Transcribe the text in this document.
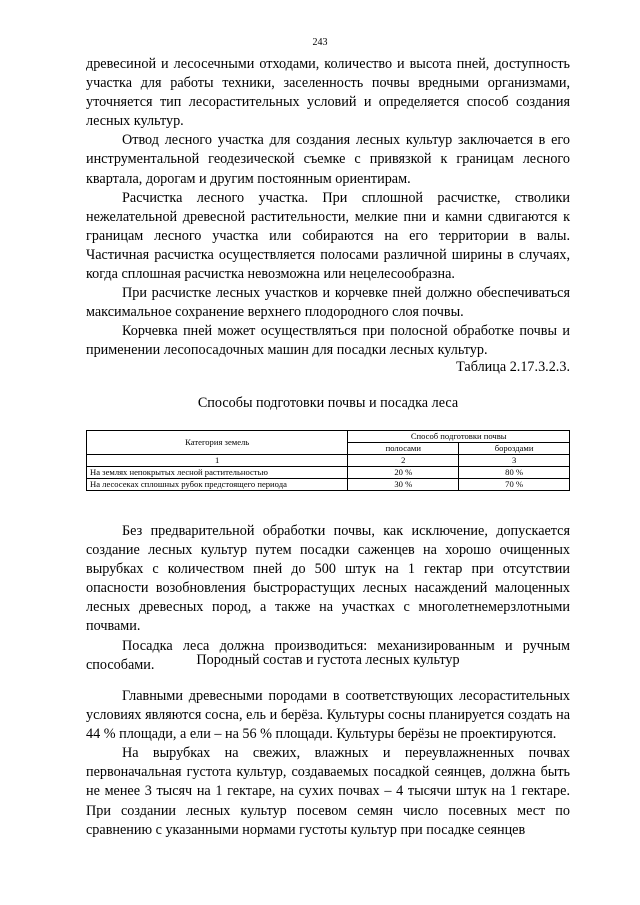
243

древесиной и лесосечными отходами, количество и высота пней, доступность участка для работы техники, заселенность почвы вредными организмами, уточняется тип лесорастительных условий и определяется способ создания лесных культур.

Отвод лесного участка для создания лесных культур заключается в его инструментальной геодезической съемке с привязкой к границам лесного квартала, дорогам и другим постоянным ориентирам.

Расчистка лесного участка. При сплошной расчистке, стволики нежелательной древесной растительности, мелкие пни и камни сдвигаются к границам лесного участка или собираются на его территории в валы. Частичная расчистка осуществляется полосами различной ширины в случаях, когда сплошная расчистка невозможна или нецелесообразна.

При расчистке лесных участков и корчевке пней должно обеспечиваться максимальное сохранение верхнего плодородного слоя почвы.

Корчевка пней может осуществляться при полосной обработке почвы и применении лесопосадочных машин для посадки лесных культур.

Таблица 2.17.3.2.3.
Способы подготовки почвы и посадка леса
Категория земель	Способ подготовки почвы	
	полосами	бороздами
1	2	3
На землях непокрытых лесной растительностью	20 %	80 %
На лесосеках сплошных рубок предстоящего периода	30 %	70 %

Без предварительной обработки почвы, как исключение, допускается создание лесных культур путем посадки саженцев на хорошо очищенных вырубках с количеством пней до 500 штук на 1 гектар при отсутствии опасности возобновления быстрорастущих лесных насаждений малоценных лесных древесных пород, а также на участках с многолетнемерзлотными почвами.

Посадка леса должна производиться: механизированным и ручным способами.	Породный состав и густота лесных культур

Главными древесными породами в соответствующих лесорастительных условиях являются сосна, ель и берёза. Культуры сосны планируется создать на 44 % площади, а ели – на 56 % площади. Культуры берёзы не проектируются.

На вырубках на свежих, влажных и переувлажненных почвах первоначальная густота культур, создаваемых посадкой сеянцев, должна быть не менее 3 тысяч на 1 гектаре, на сухих почвах – 4 тысячи штук на 1 гектаре. При создании лесных культур посевом семян число посевных мест по сравнению с указанными нормами густоты культур при посадке сеянцев
